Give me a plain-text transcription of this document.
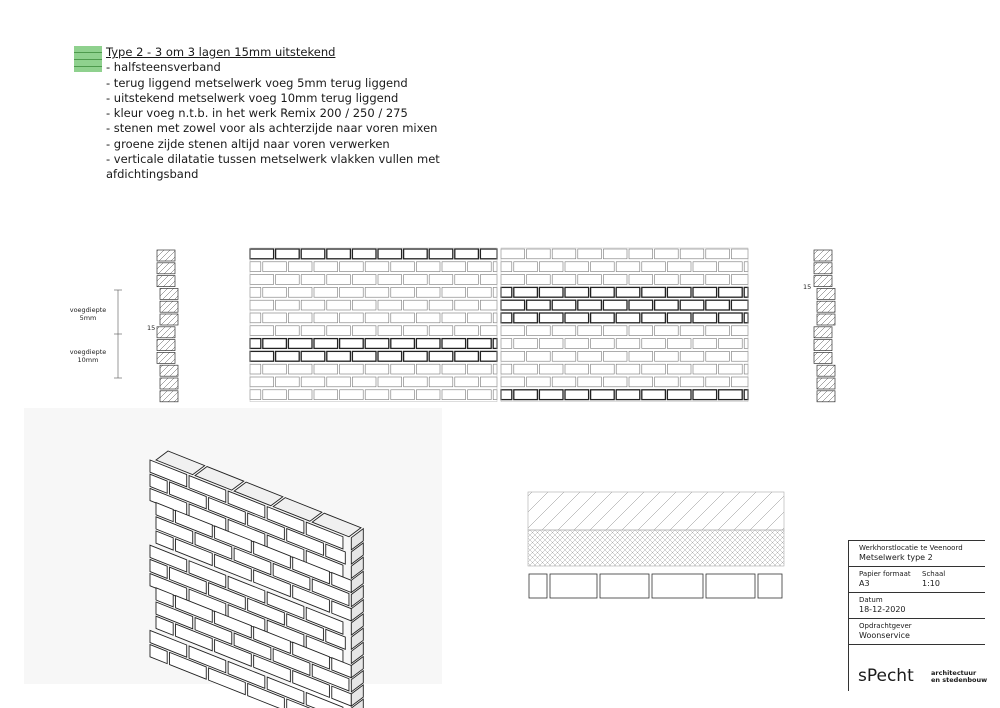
Type 2 - 3 om 3 lagen 15mm uitstekend
- halfsteensverband
- terug liggend metselwerk voeg 5mm terug liggend
- uitstekend metselwerk voeg 10mm terug liggend
- kleur voeg n.t.b. in het werk Remix 200 / 250 / 275
- stenen met zowel voor als achterzijde naar voren mixen
- groene zijde stenen altijd naar voren verwerken
- verticale dilatatie tussen metselwerk vlakken vullen met
afdichtingsband
voegdiepte
5mm
voegdiepte
10mm
15
15
Werkhorstlocatie te Veenoord
Metselwerk type 2
Papier formaat
A3
Schaal
1:10
Datum
18-12-2020
Opdrachtgever
Woonservice
sPecht	architectuur
en stedenbouw
